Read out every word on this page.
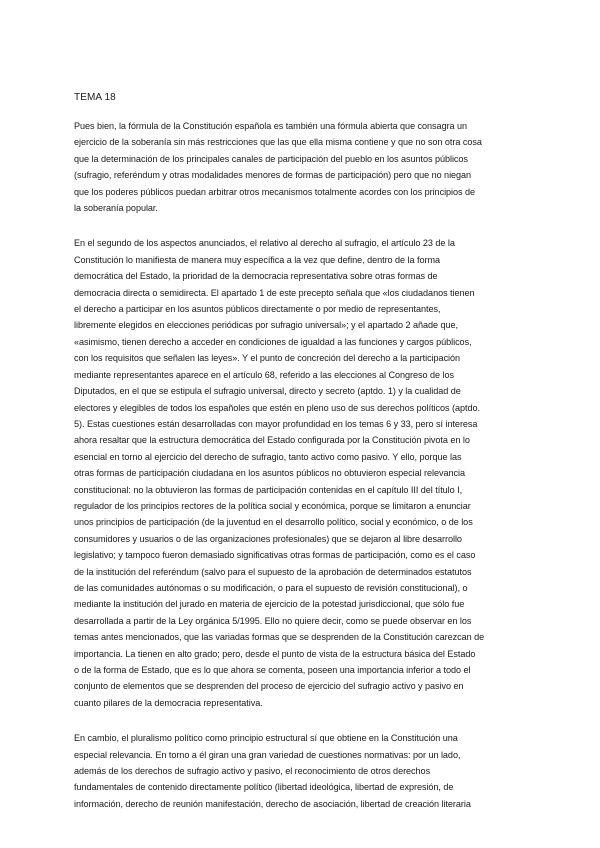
TEMA 18
Pues bien, la fórmula de la Constitución española es también una fórmula abierta que consagra un
ejercicio de la soberanía sin más restricciones que las que ella misma contiene y que no son otra cosa
que la determinación de los principales canales de participación del pueblo en los asuntos públicos
(sufragio, referéndum y otras modalidades menores de formas de participación) pero que no niegan
que los poderes públicos puedan arbitrar otros mecanismos totalmente acordes con los principios de
la soberanía popular.
En el segundo de los aspectos anunciados, el relativo al derecho al sufragio, el artículo 23 de la
Constitución lo manifiesta de manera muy específica a la vez que define, dentro de la forma
democrática del Estado, la prioridad de la democracia representativa sobre otras formas de
democracia directa o semidirecta. El apartado 1 de este precepto señala que «los ciudadanos tienen
el derecho a participar en los asuntos públicos directamente o por medio de representantes,
libremente elegidos en elecciones periódicas por sufragio universal»; y el apartado 2 añade que,
«asimismo, tienen derecho a acceder en condiciones de igualdad a las funciones y cargos públicos,
con los requisitos que señalen las leyes». Y el punto de concreción del derecho a la participación
mediante representantes aparece en el artículo 68, referido a las elecciones al Congreso de los
Diputados, en el que se estipula el sufragio universal, directo y secreto (aptdo. 1) y la cualidad de
electores y elegibles de todos los españoles que estén en pleno uso de sus derechos políticos (aptdo.
5). Estas cuestiones están desarrolladas con mayor profundidad en los temas 6 y 33, pero sí interesa
ahora resaltar que la estructura democrática del Estado configurada por la Constitución pivota en lo
esencial en torno al ejercicio del derecho de sufragio, tanto activo como pasivo. Y ello, porque las
otras formas de participación ciudadana en los asuntos públicos no obtuvieron especial relevancia
constitucional: no la obtuvieron las formas de participación contenidas en el capítulo III del título I,
regulador de los principios rectores de la política social y económica, porque se limitaron a enunciar
unos principios de participación (de la juventud en el desarrollo político, social y económico, o de los
consumidores y usuarios o de las organizaciones profesionales) que se dejaron al libre desarrollo
legislativo; y tampoco fueron demasiado significativas otras formas de participación, como es el caso
de la institución del referéndum (salvo para el supuesto de la aprobación de determinados estatutos
de las comunidades autónomas o su modificación, o para el supuesto de revisión constitucional), o
mediante la institución del jurado en materia de ejercicio de la potestad jurisdiccional, que sólo fue
desarrollada a partir de la Ley orgánica 5/1995. Ello no quiere decir, como se puede observar en los
temas antes mencionados, que las variadas formas que se desprenden de la Constitución carezcan de
importancia. La tienen en alto grado; pero, desde el punto de vista de la estructura básica del Estado
o de la forma de Estado, que es lo que ahora se comenta, poseen una importancia inferior a todo el
conjunto de elementos que se desprenden del proceso de ejercicio del sufragio activo y pasivo en
cuanto pilares de la democracia representativa.
En cambio, el pluralismo político como principio estructural sí que obtiene en la Constitución una
especial relevancia. En torno a él giran una gran variedad de cuestiones normativas: por un lado,
además de los derechos de sufragio activo y pasivo, el reconocimiento de otros derechos
fundamentales de contenido directamente político (libertad ideológica, libertad de expresión, de
información, derecho de reunión manifestación, derecho de asociación, libertad de creación literaria
